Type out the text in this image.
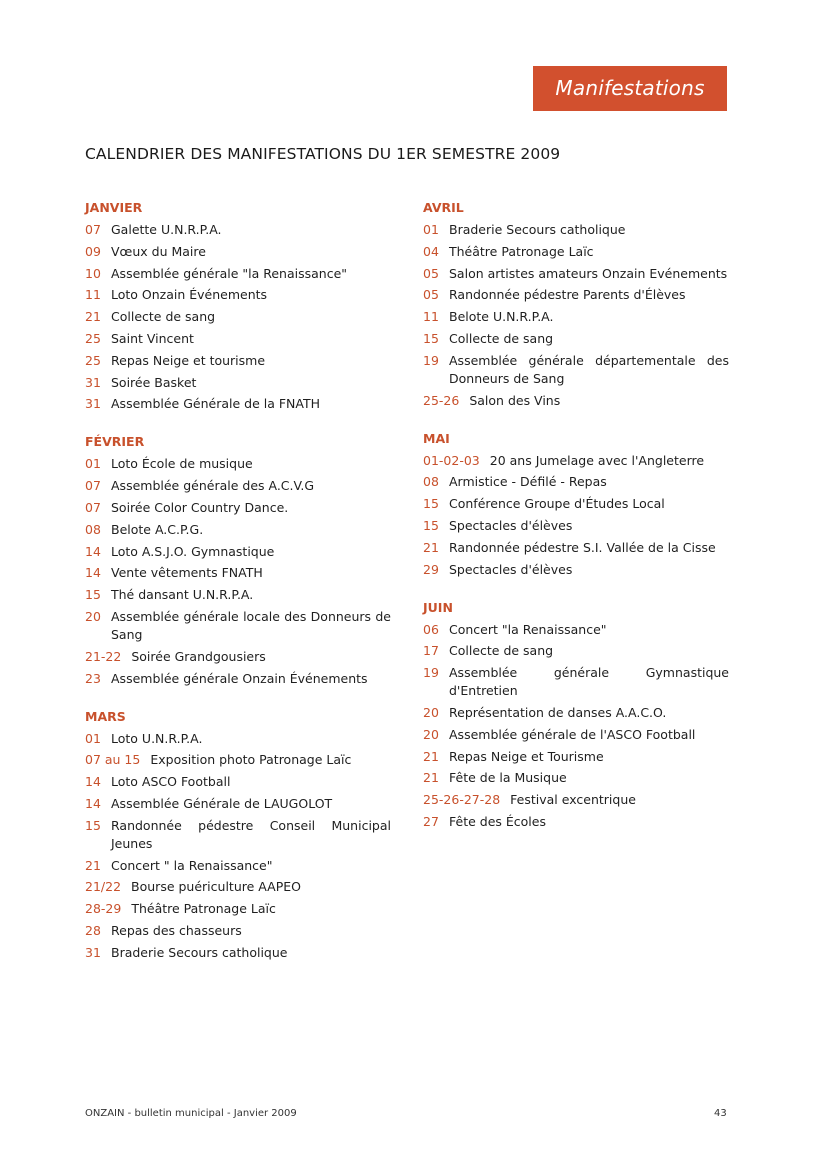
Manifestations
CALENDRIER DES MANIFESTATIONS DU 1ER SEMESTRE 2009
JANVIER
07 Galette U.N.R.P.A.
09 Vœux du Maire
10 Assemblée générale "la Renaissance"
11 Loto Onzain Événements
21 Collecte de sang
25 Saint Vincent
25 Repas Neige et tourisme
31 Soirée Basket
31 Assemblée Générale de la FNATH
FÉVRIER
01 Loto École de musique
07 Assemblée générale des A.C.V.G
07 Soirée Color Country Dance.
08 Belote A.C.P.G.
14 Loto A.S.J.O. Gymnastique
14 Vente vêtements FNATH
15 Thé dansant U.N.R.P.A.
20 Assemblée générale locale des Donneurs de Sang
21-22 Soirée Grandgousiers
23 Assemblée générale Onzain Événements
MARS
01 Loto U.N.R.P.A.
07 au 15 Exposition photo Patronage Laïc
14 Loto ASCO Football
14 Assemblée Générale de LAUGOLOT
15 Randonnée pédestre Conseil Municipal Jeunes
21 Concert " la Renaissance"
21/22 Bourse puériculture AAPEO
28-29 Théâtre Patronage Laïc
28 Repas des chasseurs
31 Braderie Secours catholique
AVRIL
01 Braderie Secours catholique
04 Théâtre Patronage Laïc
05 Salon artistes amateurs Onzain Evénements
05 Randonnée pédestre Parents d'Élèves
11 Belote U.N.R.P.A.
15 Collecte de sang
19 Assemblée générale départementale des Donneurs de Sang
25-26 Salon des Vins
MAI
01-02-03 20 ans Jumelage avec l'Angleterre
08 Armistice - Défilé - Repas
15 Conférence Groupe d'Études Local
15 Spectacles d'élèves
21 Randonnée pédestre S.I. Vallée de la Cisse
29 Spectacles d'élèves
JUIN
06 Concert "la Renaissance"
17 Collecte de sang
19 Assemblée générale Gymnastique d'Entretien
20 Représentation de danses A.A.C.O.
20 Assemblée générale de l'ASCO Football
21 Repas Neige et Tourisme
21 Fête de la Musique
25-26-27-28 Festival excentrique
27 Fête des Écoles
ONZAIN - bulletin municipal - Janvier 2009	43
